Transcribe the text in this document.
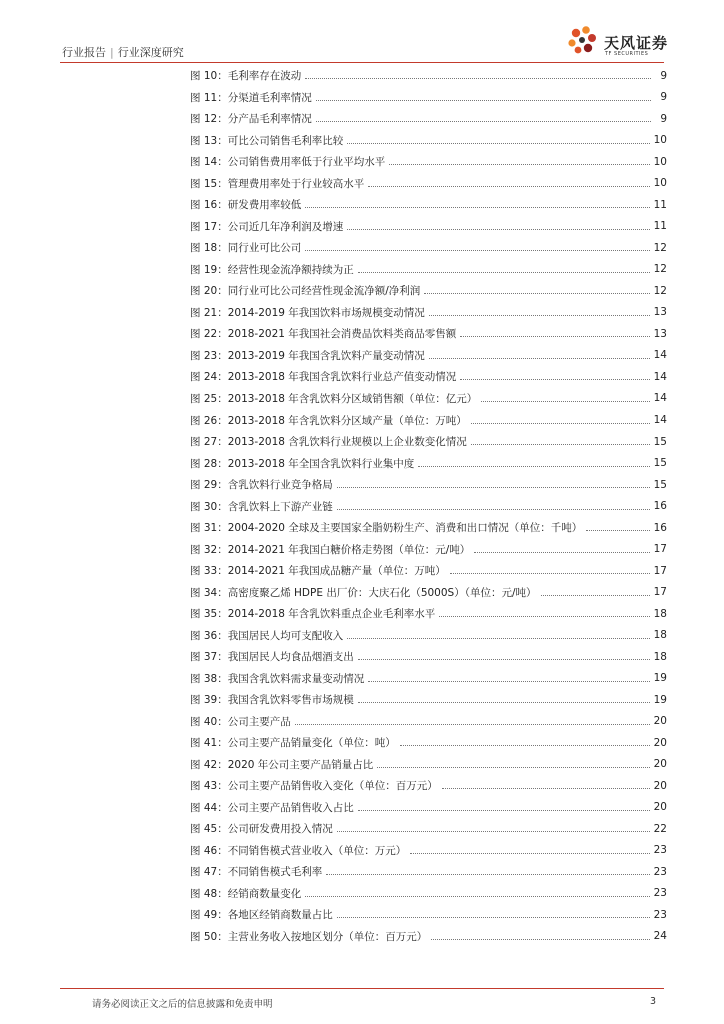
行业报告 | 行业深度研究
天风证券
TF SECURITIES
图 10： 毛利率存在波动	9
图 11： 分渠道毛利率情况	9
图 12： 分产品毛利率情况	9
图 13： 可比公司销售毛利率比较	10
图 14： 公司销售费用率低于行业平均水平	10
图 15： 管理费用率处于行业较高水平	10
图 16： 研发费用率较低	11
图 17： 公司近几年净利润及增速	11
图 18： 同行业可比公司	12
图 19： 经营性现金流净额持续为正	12
图 20： 同行业可比公司经营性现金流净额/净利润	12
图 21： 2014-2019 年我国饮料市场规模变动情况	13
图 22： 2018-2021 年我国社会消费品饮料类商品零售额	13
图 23： 2013-2019 年我国含乳饮料产量变动情况	14
图 24： 2013-2018 年我国含乳饮料行业总产值变动情况	14
图 25： 2013-2018 年含乳饮料分区域销售额（单位：亿元）	14
图 26： 2013-2018 年含乳饮料分区域产量（单位：万吨）	14
图 27： 2013-2018 含乳饮料行业规模以上企业数变化情况	15
图 28： 2013-2018 年全国含乳饮料行业集中度	15
图 29： 含乳饮料行业竞争格局	15
图 30： 含乳饮料上下游产业链	16
图 31： 2004-2020 全球及主要国家全脂奶粉生产、消费和出口情况（单位：千吨）	16
图 32： 2014-2021 年我国白糖价格走势图（单位：元/吨）	17
图 33： 2014-2021 年我国成品糖产量（单位：万吨）	17
图 34： 高密度聚乙烯 HDPE 出厂价：大庆石化（5000S）（单位：元/吨）	17
图 35： 2014-2018 年含乳饮料重点企业毛利率水平	18
图 36： 我国居民人均可支配收入	18
图 37： 我国居民人均食品烟酒支出	18
图 38： 我国含乳饮料需求量变动情况	19
图 39： 我国含乳饮料零售市场规模	19
图 40： 公司主要产品	20
图 41： 公司主要产品销量变化（单位：吨）	20
图 42： 2020 年公司主要产品销量占比	20
图 43： 公司主要产品销售收入变化（单位：百万元）	20
图 44： 公司主要产品销售收入占比	20
图 45： 公司研发费用投入情况	22
图 46： 不同销售模式营业收入（单位：万元）	23
图 47： 不同销售模式毛利率	23
图 48： 经销商数量变化	23
图 49： 各地区经销商数量占比	23
图 50： 主营业务收入按地区划分（单位：百万元）	24
请务必阅读正文之后的信息披露和免责申明	3
